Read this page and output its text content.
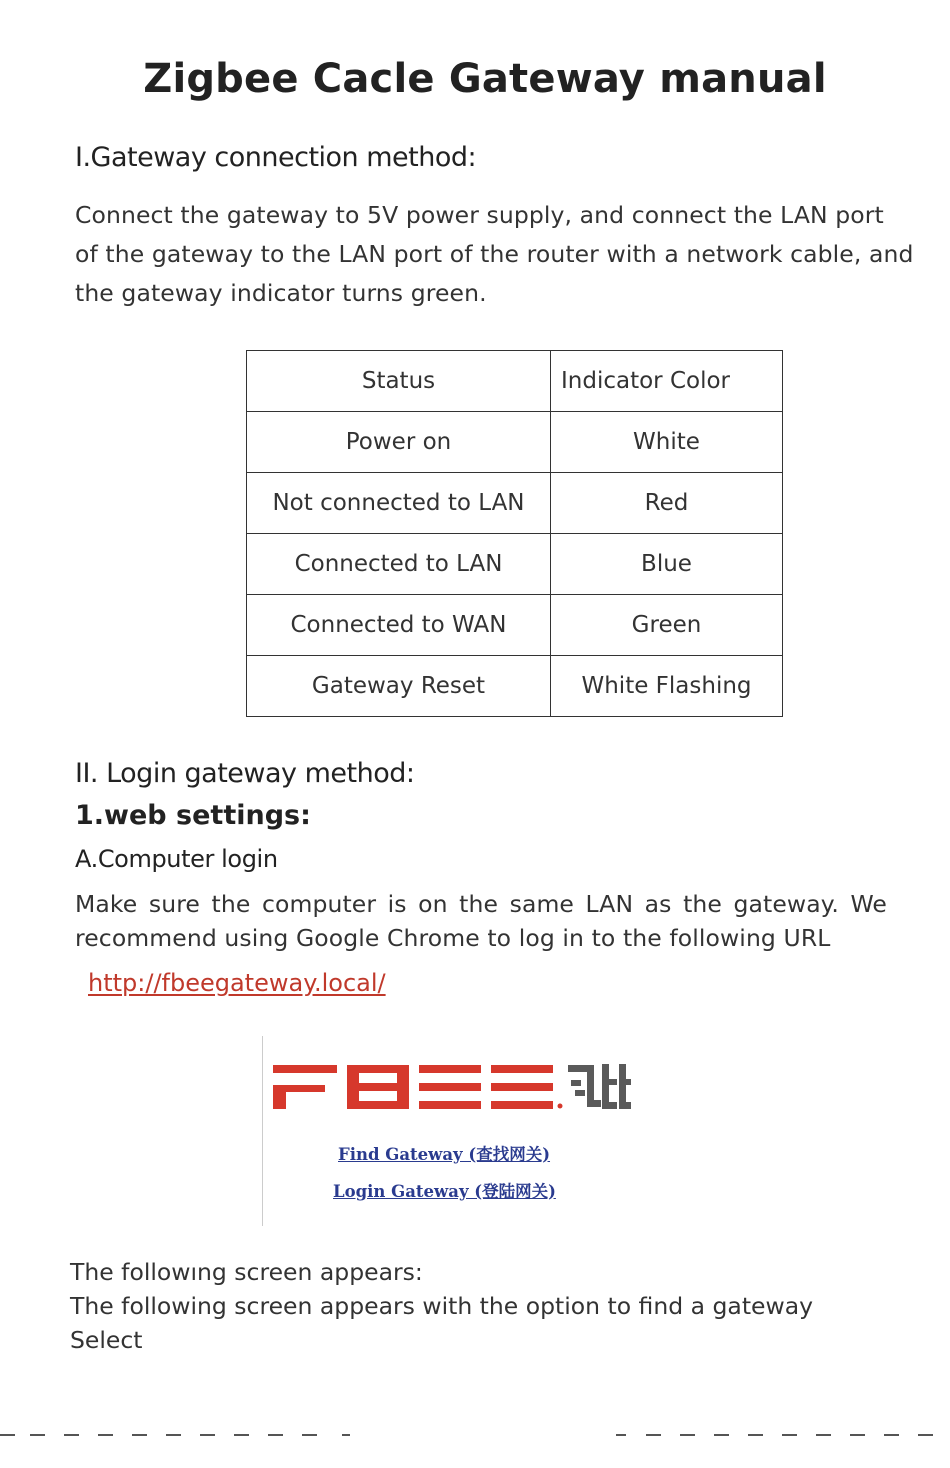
Zigbee Cacle Gateway manual
I.Gateway connection method:
Connect the gateway to 5V power supply, and connect the LAN port
of the gateway to the LAN port of the router with a network cable, and
the gateway indicator turns green.
Status	Indicator Color
Power on	White
Not connected to LAN	Red
Connected to LAN	Blue
Connected to WAN	Green
Gateway Reset	White Flashing
II. Login gateway method:
1.web settings:
A.Computer login
Make sure the computer is on the same LAN as the gateway. We
recommend using Google Chrome to log in to the following URL
http://fbeegateway.local/
Find Gateway (查找网关)
Login Gateway (登陆网关)
The followıng screen appears:
The following screen appears with the option to find a gateway
Select
